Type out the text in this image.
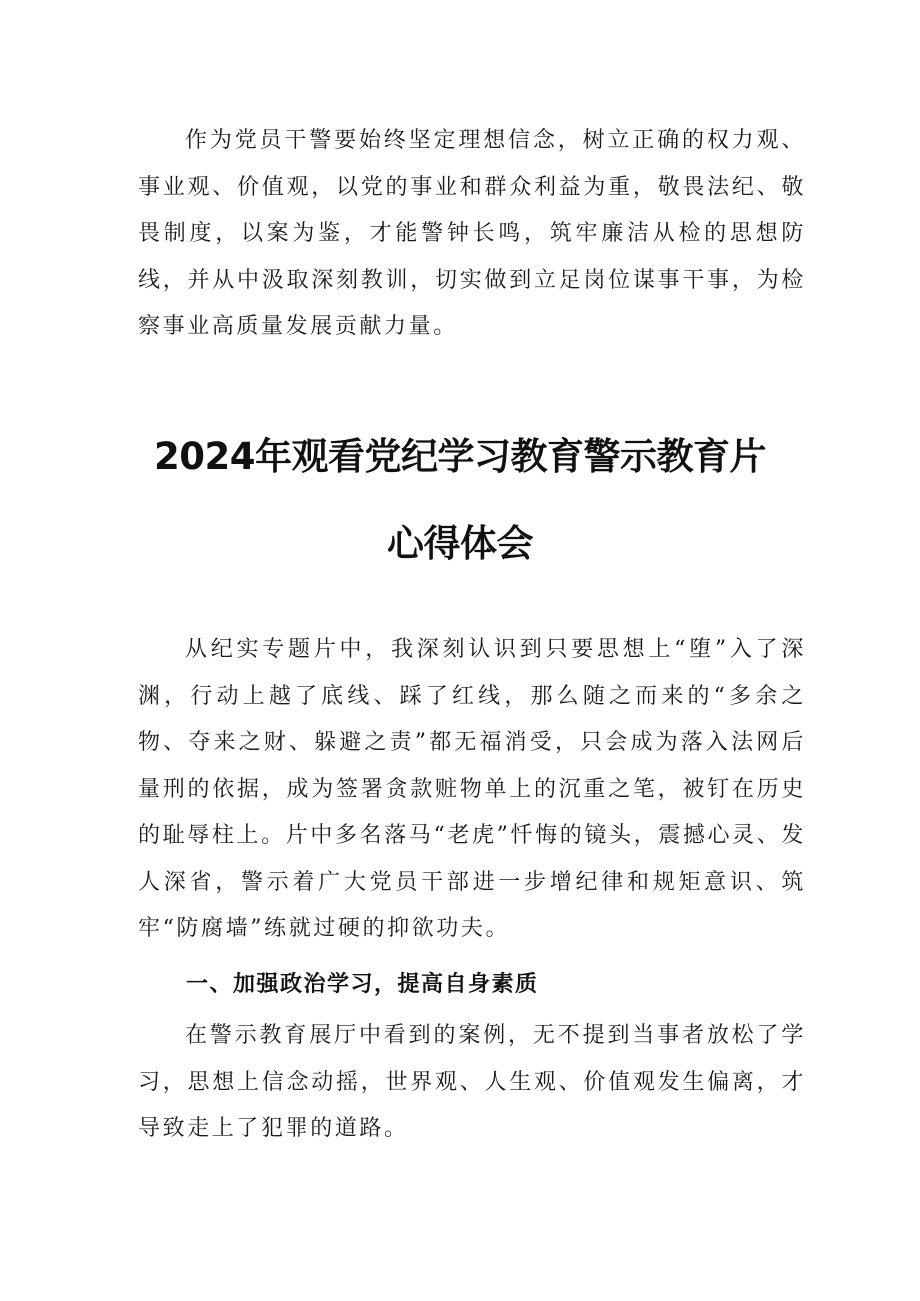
作为党员干警要始终坚定理想信念，树立正确的权力观、事业观、价值观，以党的事业和群众利益为重，敬畏法纪、敬畏制度，以案为鉴，才能警钟长鸣，筑牢廉洁从检的思想防线，并从中汲取深刻教训，切实做到立足岗位谋事干事，为检察事业高质量发展贡献力量。

2024年观看党纪学习教育警示教育片
心得体会

从纪实专题片中，我深刻认识到只要思想上“堕”入了深渊，行动上越了底线、踩了红线，那么随之而来的“多余之物、夺来之财、躲避之责”都无福消受，只会成为落入法网后量刑的依据，成为签署贪款赃物单上的沉重之笔，被钉在历史的耻辱柱上。片中多名落马“老虎”忏悔的镜头，震撼心灵、发人深省，警示着广大党员干部进一步增纪律和规矩意识、筑牢“防腐墙”练就过硬的抑欲功夫。

一、加强政治学习，提高自身素质

在警示教育展厅中看到的案例，无不提到当事者放松了学习，思想上信念动摇，世界观、人生观、价值观发生偏离，才导致走上了犯罪的道路。
